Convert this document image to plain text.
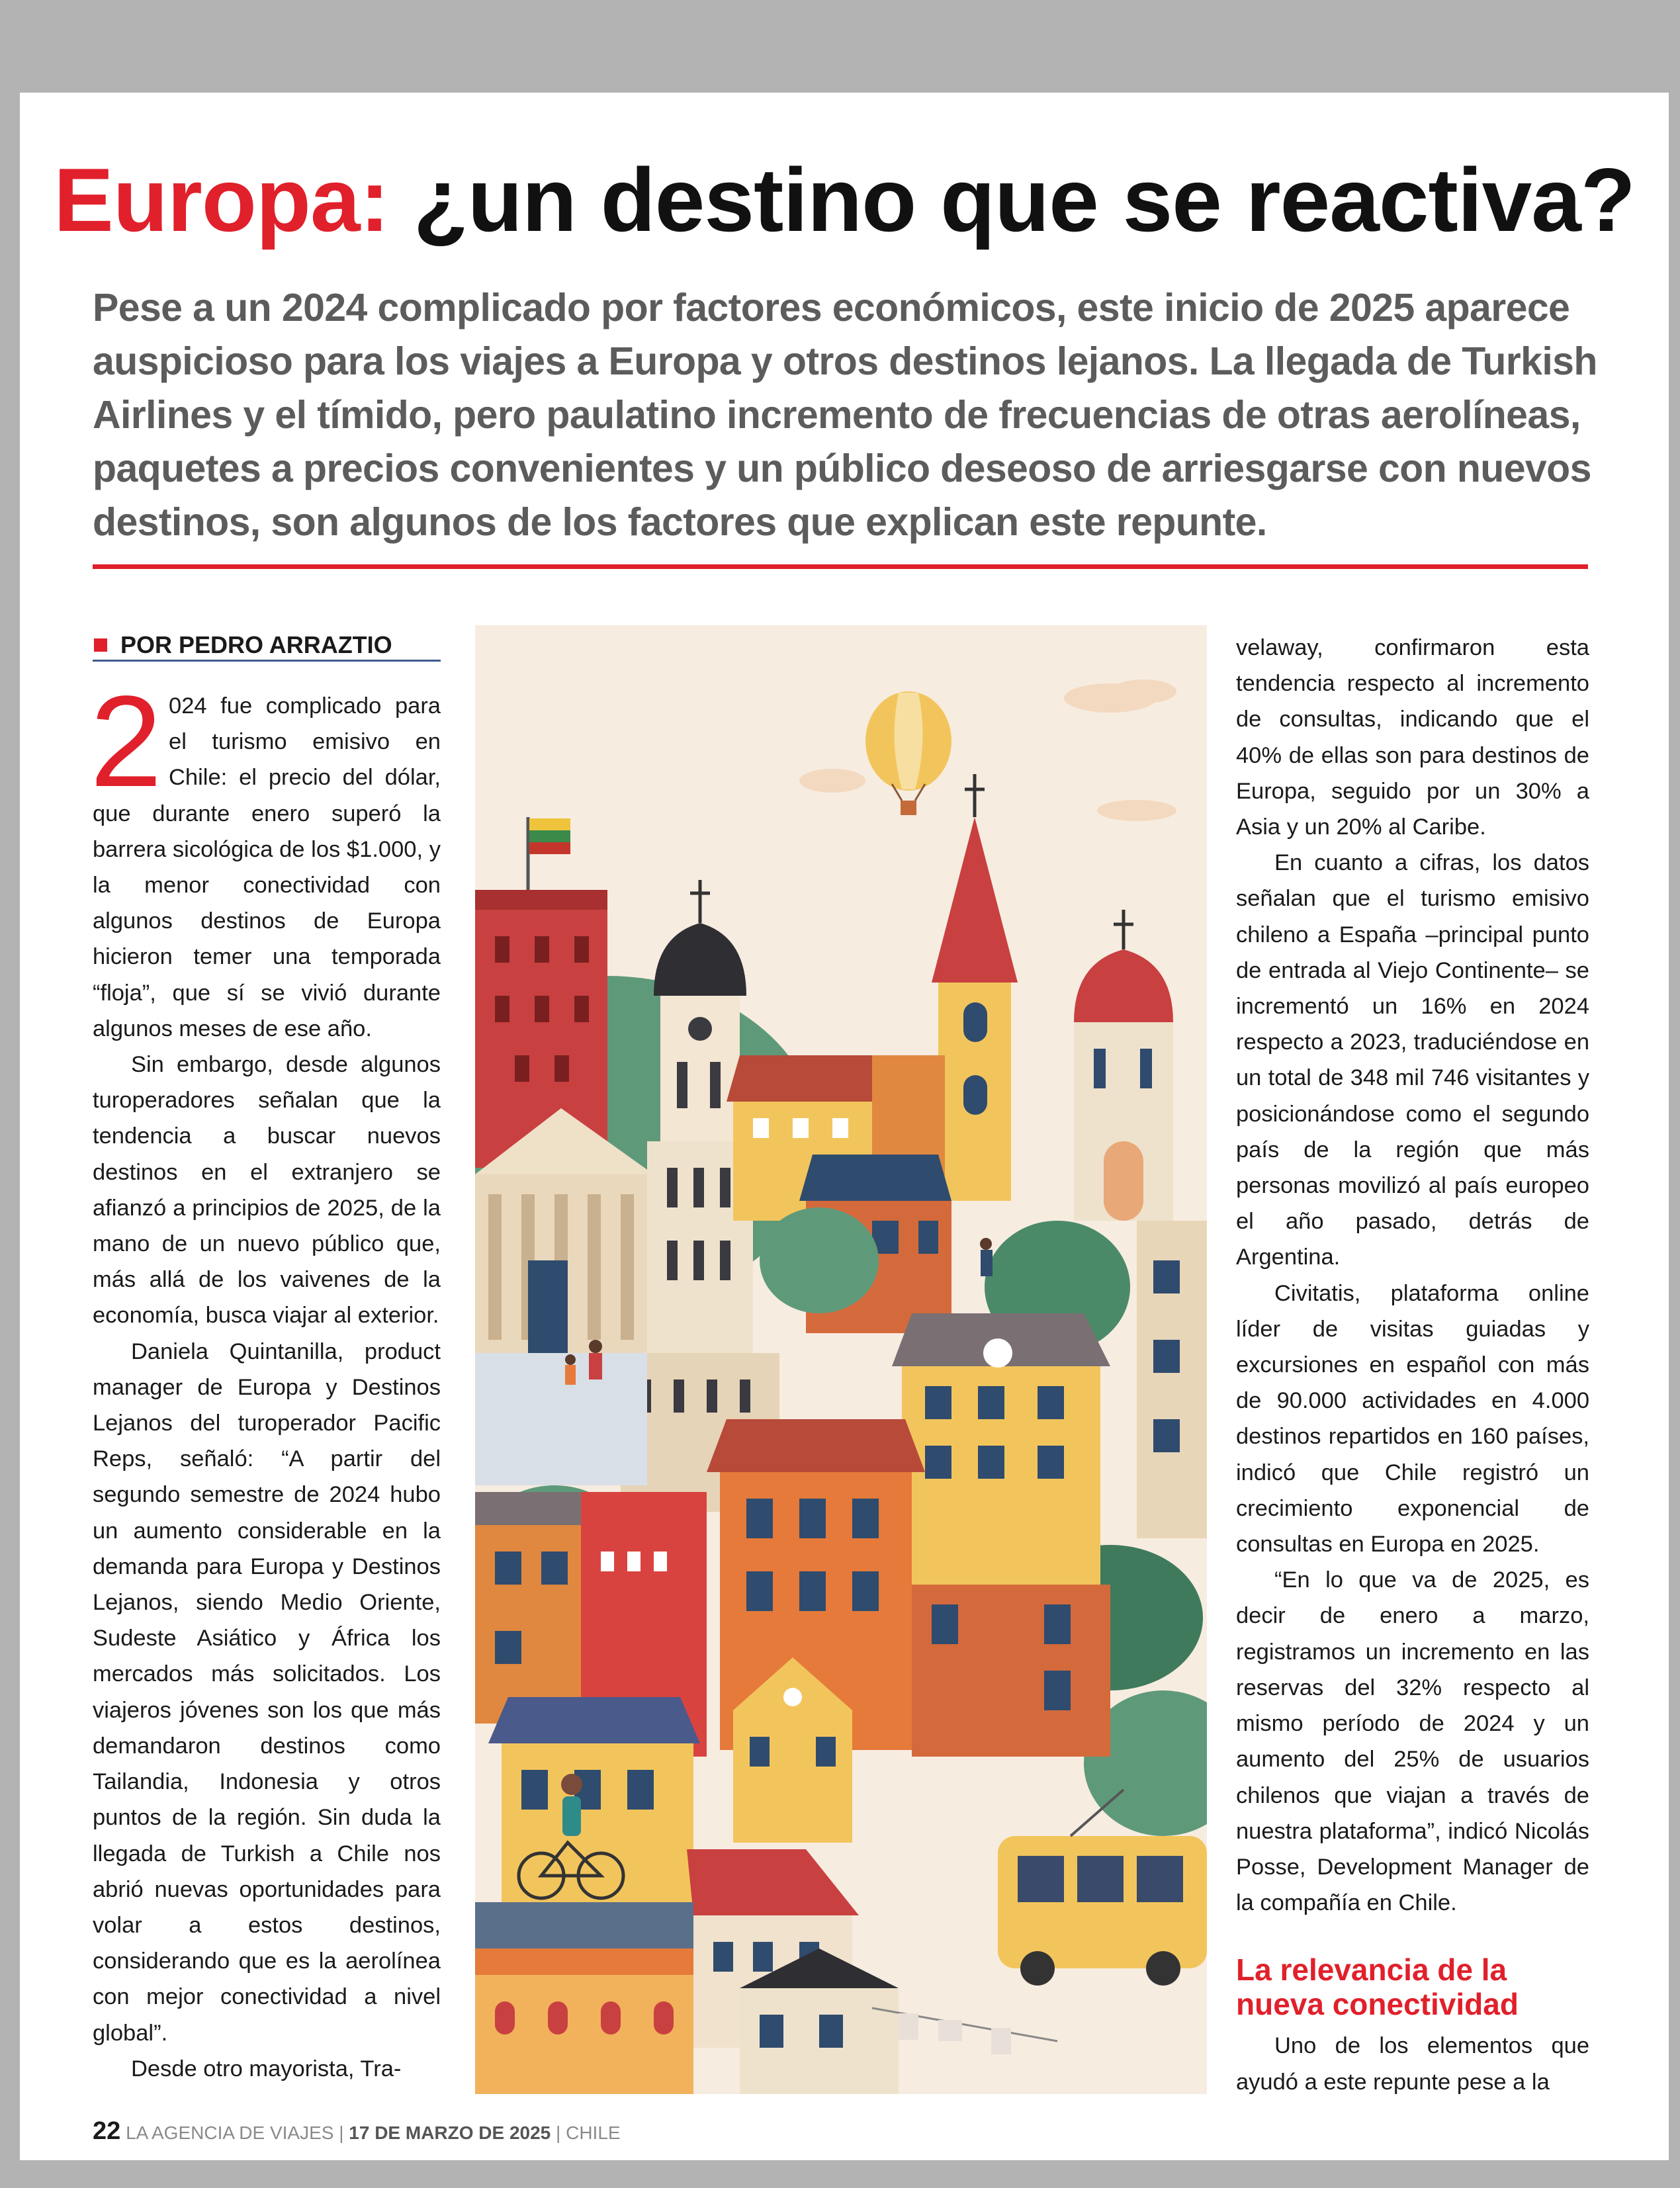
Europa: ¿un destino que se reactiva?
Pese a un 2024 complicado por factores económicos, este inicio de 2025 aparece auspicioso para los viajes a Europa y otros destinos lejanos. La llegada de Turkish Airlines y el tímido, pero paulatino incremento de frecuencias de otras aerolíneas, paquetes a precios convenientes y un público deseoso de arriesgarse con nuevos destinos, son algunos de los factores que explican este repunte.
POR PEDRO ARRAZTIO

2 024 fue complicado para el turismo emisivo en Chile: el precio del dólar, que durante enero superó la barrera sicológica de los $1.000, y la menor conectividad con algunos destinos de Europa hicieron temer una temporada “floja”, que sí se vivió durante algunos meses de ese año.

Sin embargo, desde algunos turoperadores señalan que la tendencia a buscar nuevos destinos en el extranjero se afianzó a principios de 2025, de la mano de un nuevo público que, más allá de los vaivenes de la economía, busca viajar al exterior.

Daniela Quintanilla, product manager de Europa y Destinos Lejanos del turoperador Pacific Reps, señaló: “A partir del segundo semestre de 2024 hubo un aumento considerable en la demanda para Europa y Destinos Lejanos, siendo Medio Oriente, Sudeste Asiático y África los mercados más solicitados. Los viajeros jóvenes son los que más demandaron destinos como Tailandia, Indonesia y otros puntos de la región. Sin duda la llegada de Turkish a Chile nos abrió nuevas oportunidades para volar a estos destinos, considerando que es la aerolínea con mejor conectividad a nivel global”.

Desde otro mayorista, Tra-

velaway, confirmaron esta tendencia respecto al incremento de consultas, indicando que el 40% de ellas son para destinos de Europa, seguido por un 30% a Asia y un 20% al Caribe.

En cuanto a cifras, los datos señalan que el turismo emisivo chileno a España –principal punto de entrada al Viejo Continente– se incrementó un 16% en 2024 respecto a 2023, traduciéndose en un total de 348 mil 746 visitantes y posicionándose como el segundo país de la región que más personas movilizó al país europeo el año pasado, detrás de Argentina.

Civitatis, plataforma online líder de visitas guiadas y excursiones en español con más de 90.000 actividades en 4.000 destinos repartidos en 160 países, indicó que Chile registró un crecimiento exponencial de consultas en Europa en 2025.

“En lo que va de 2025, es decir de enero a marzo, registramos un incremento en las reservas del 32% respecto al mismo período de 2024 y un aumento del 25% de usuarios chilenos que viajan a través de nuestra plataforma”, indicó Nicolás Posse, Development Manager de la compañía en Chile.

La relevancia de la nueva conectividad

Uno de los elementos que ayudó a este repunte pese a la

22 LA AGENCIA DE VIAJES | 17 DE MARZO DE 2025 | CHILE
